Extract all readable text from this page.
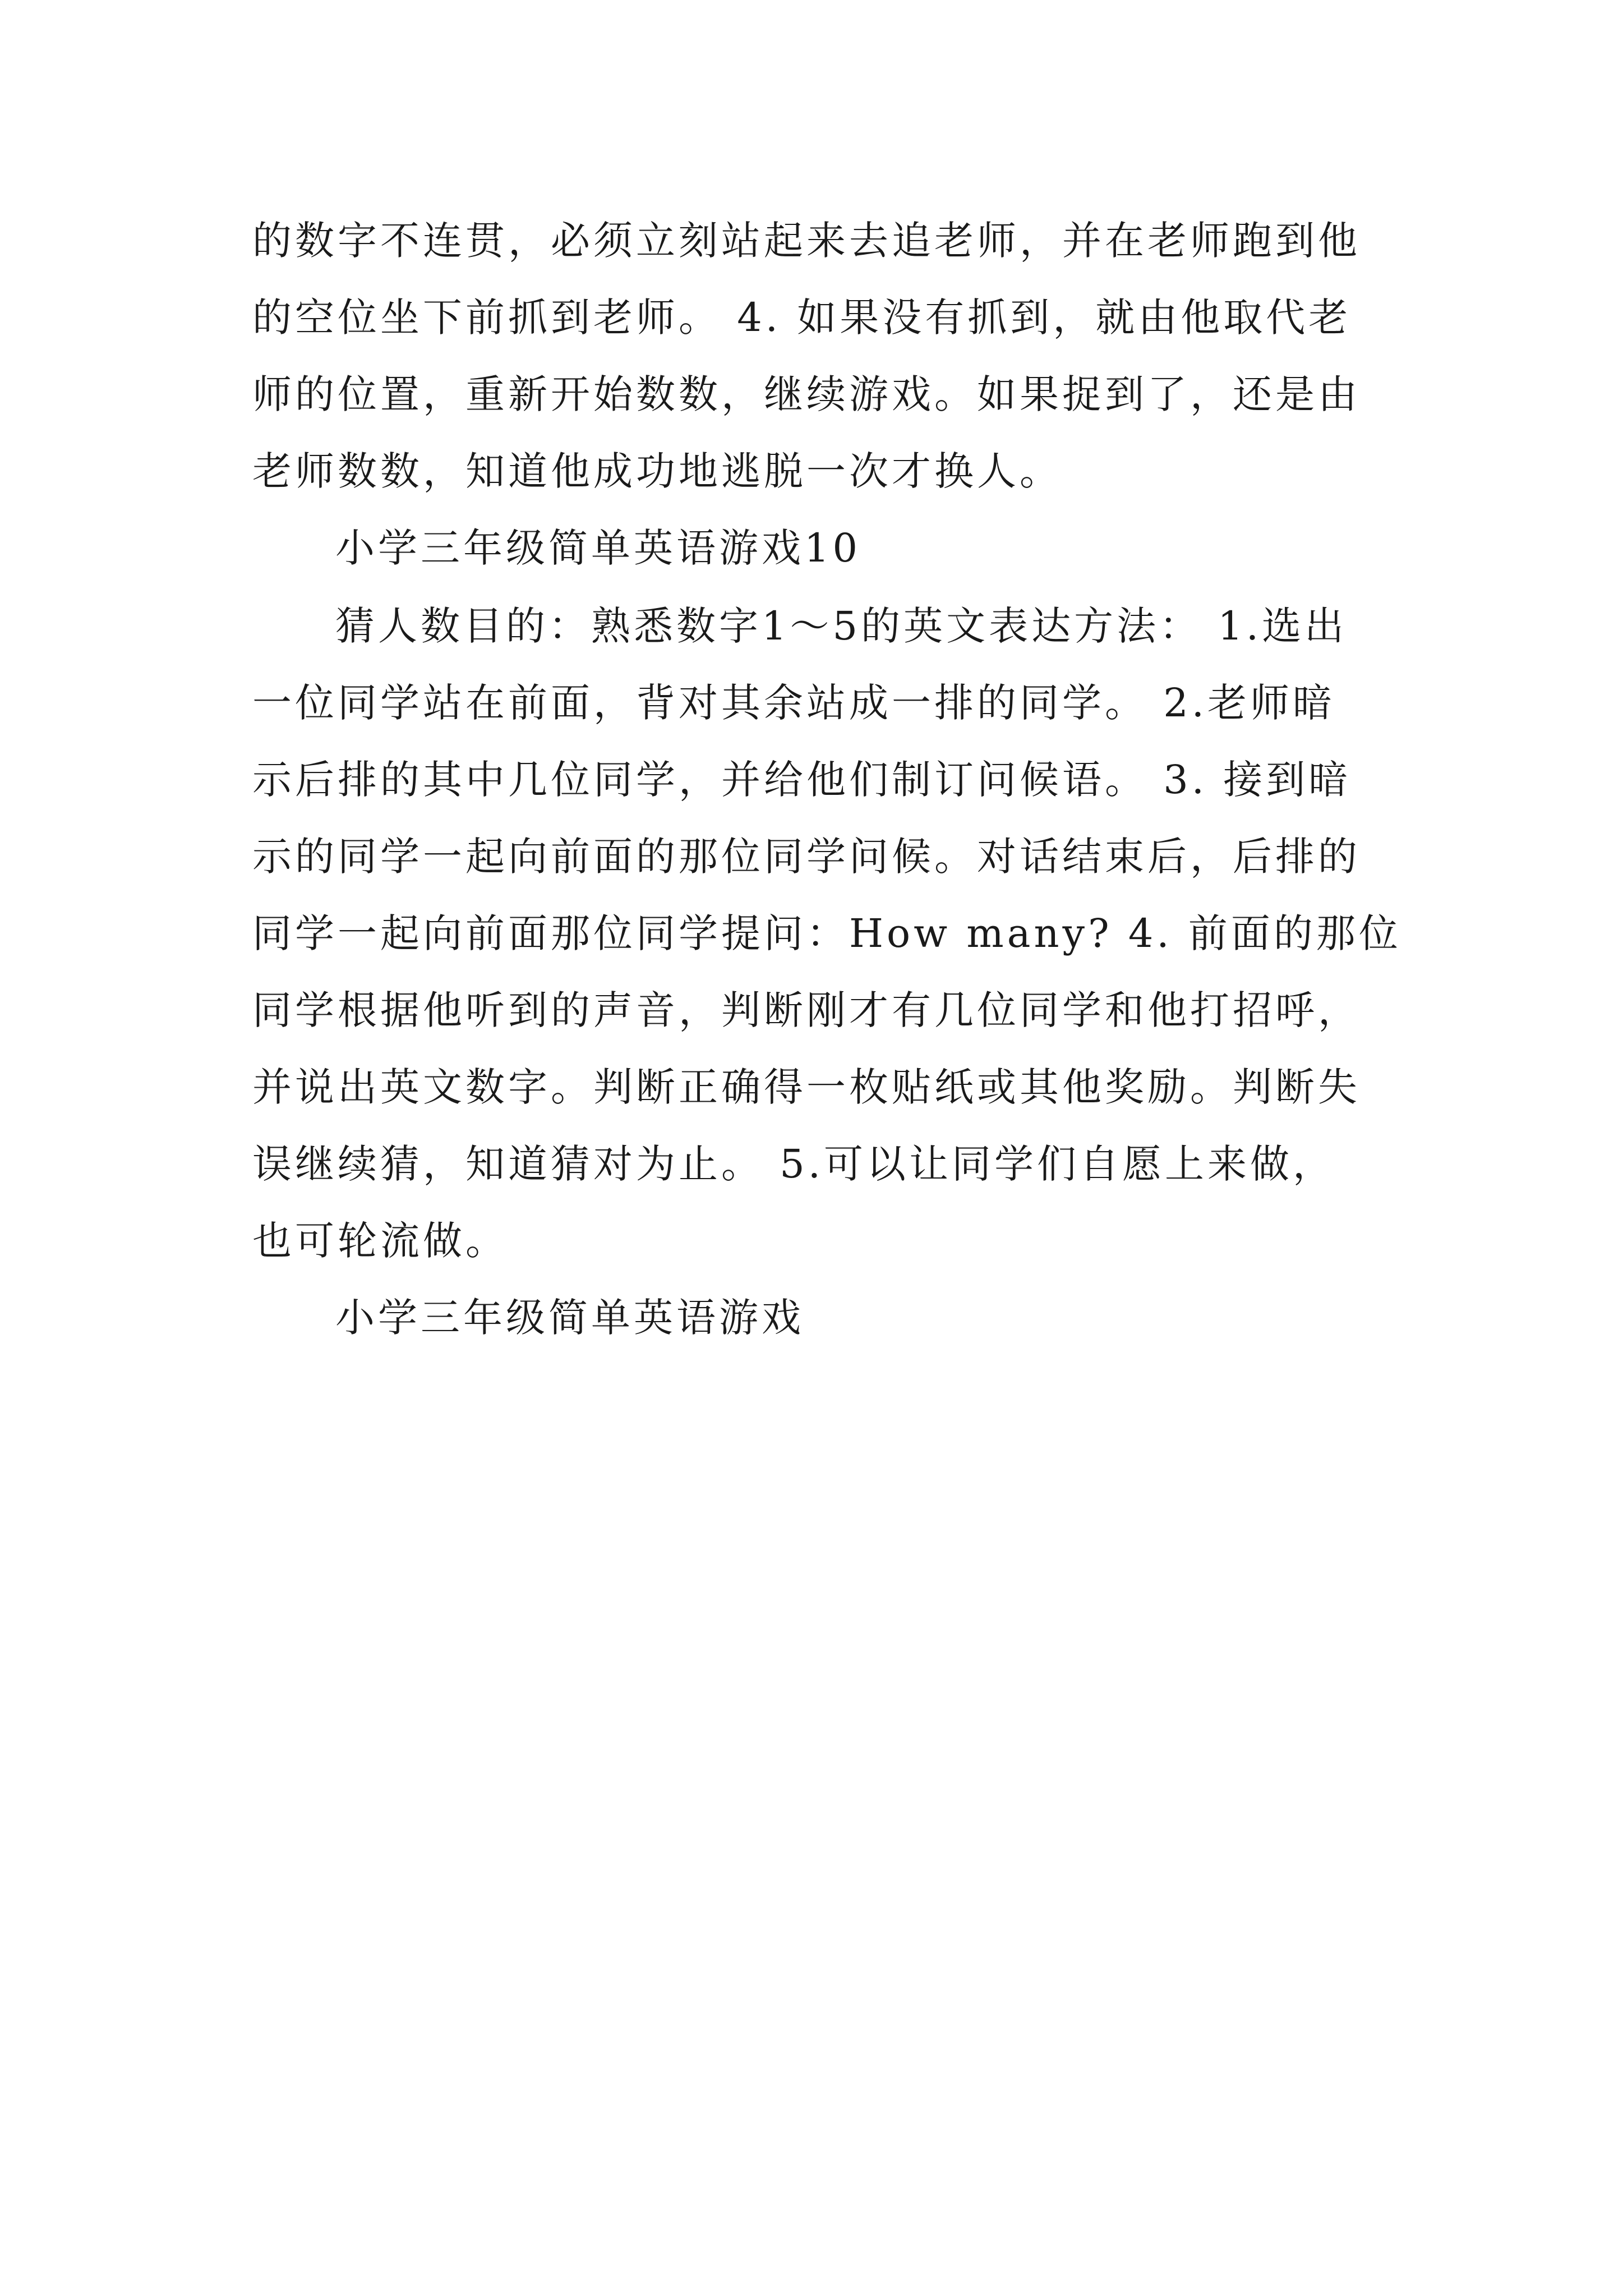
的数字不连贯，必须立刻站起来去追老师，并在老师跑到他
的空位坐下前抓到老师。 4. 如果没有抓到，就由他取代老
师的位置，重新开始数数，继续游戏。如果捉到了，还是由
老师数数，知道他成功地逃脱一次才换人。
小学三年级简单英语游戏10
猜人数目的：熟悉数字1～5的英文表达方法： 1.选出
一位同学站在前面，背对其余站成一排的同学。 2.老师暗
示后排的其中几位同学，并给他们制订问候语。 3. 接到暗
示的同学一起向前面的那位同学问候。对话结束后，后排的
同学一起向前面那位同学提问：How many? 4. 前面的那位
同学根据他听到的声音，判断刚才有几位同学和他打招呼，
并说出英文数字。判断正确得一枚贴纸或其他奖励。判断失
误继续猜，知道猜对为止。 5.可以让同学们自愿上来做，
也可轮流做。
小学三年级简单英语游戏
